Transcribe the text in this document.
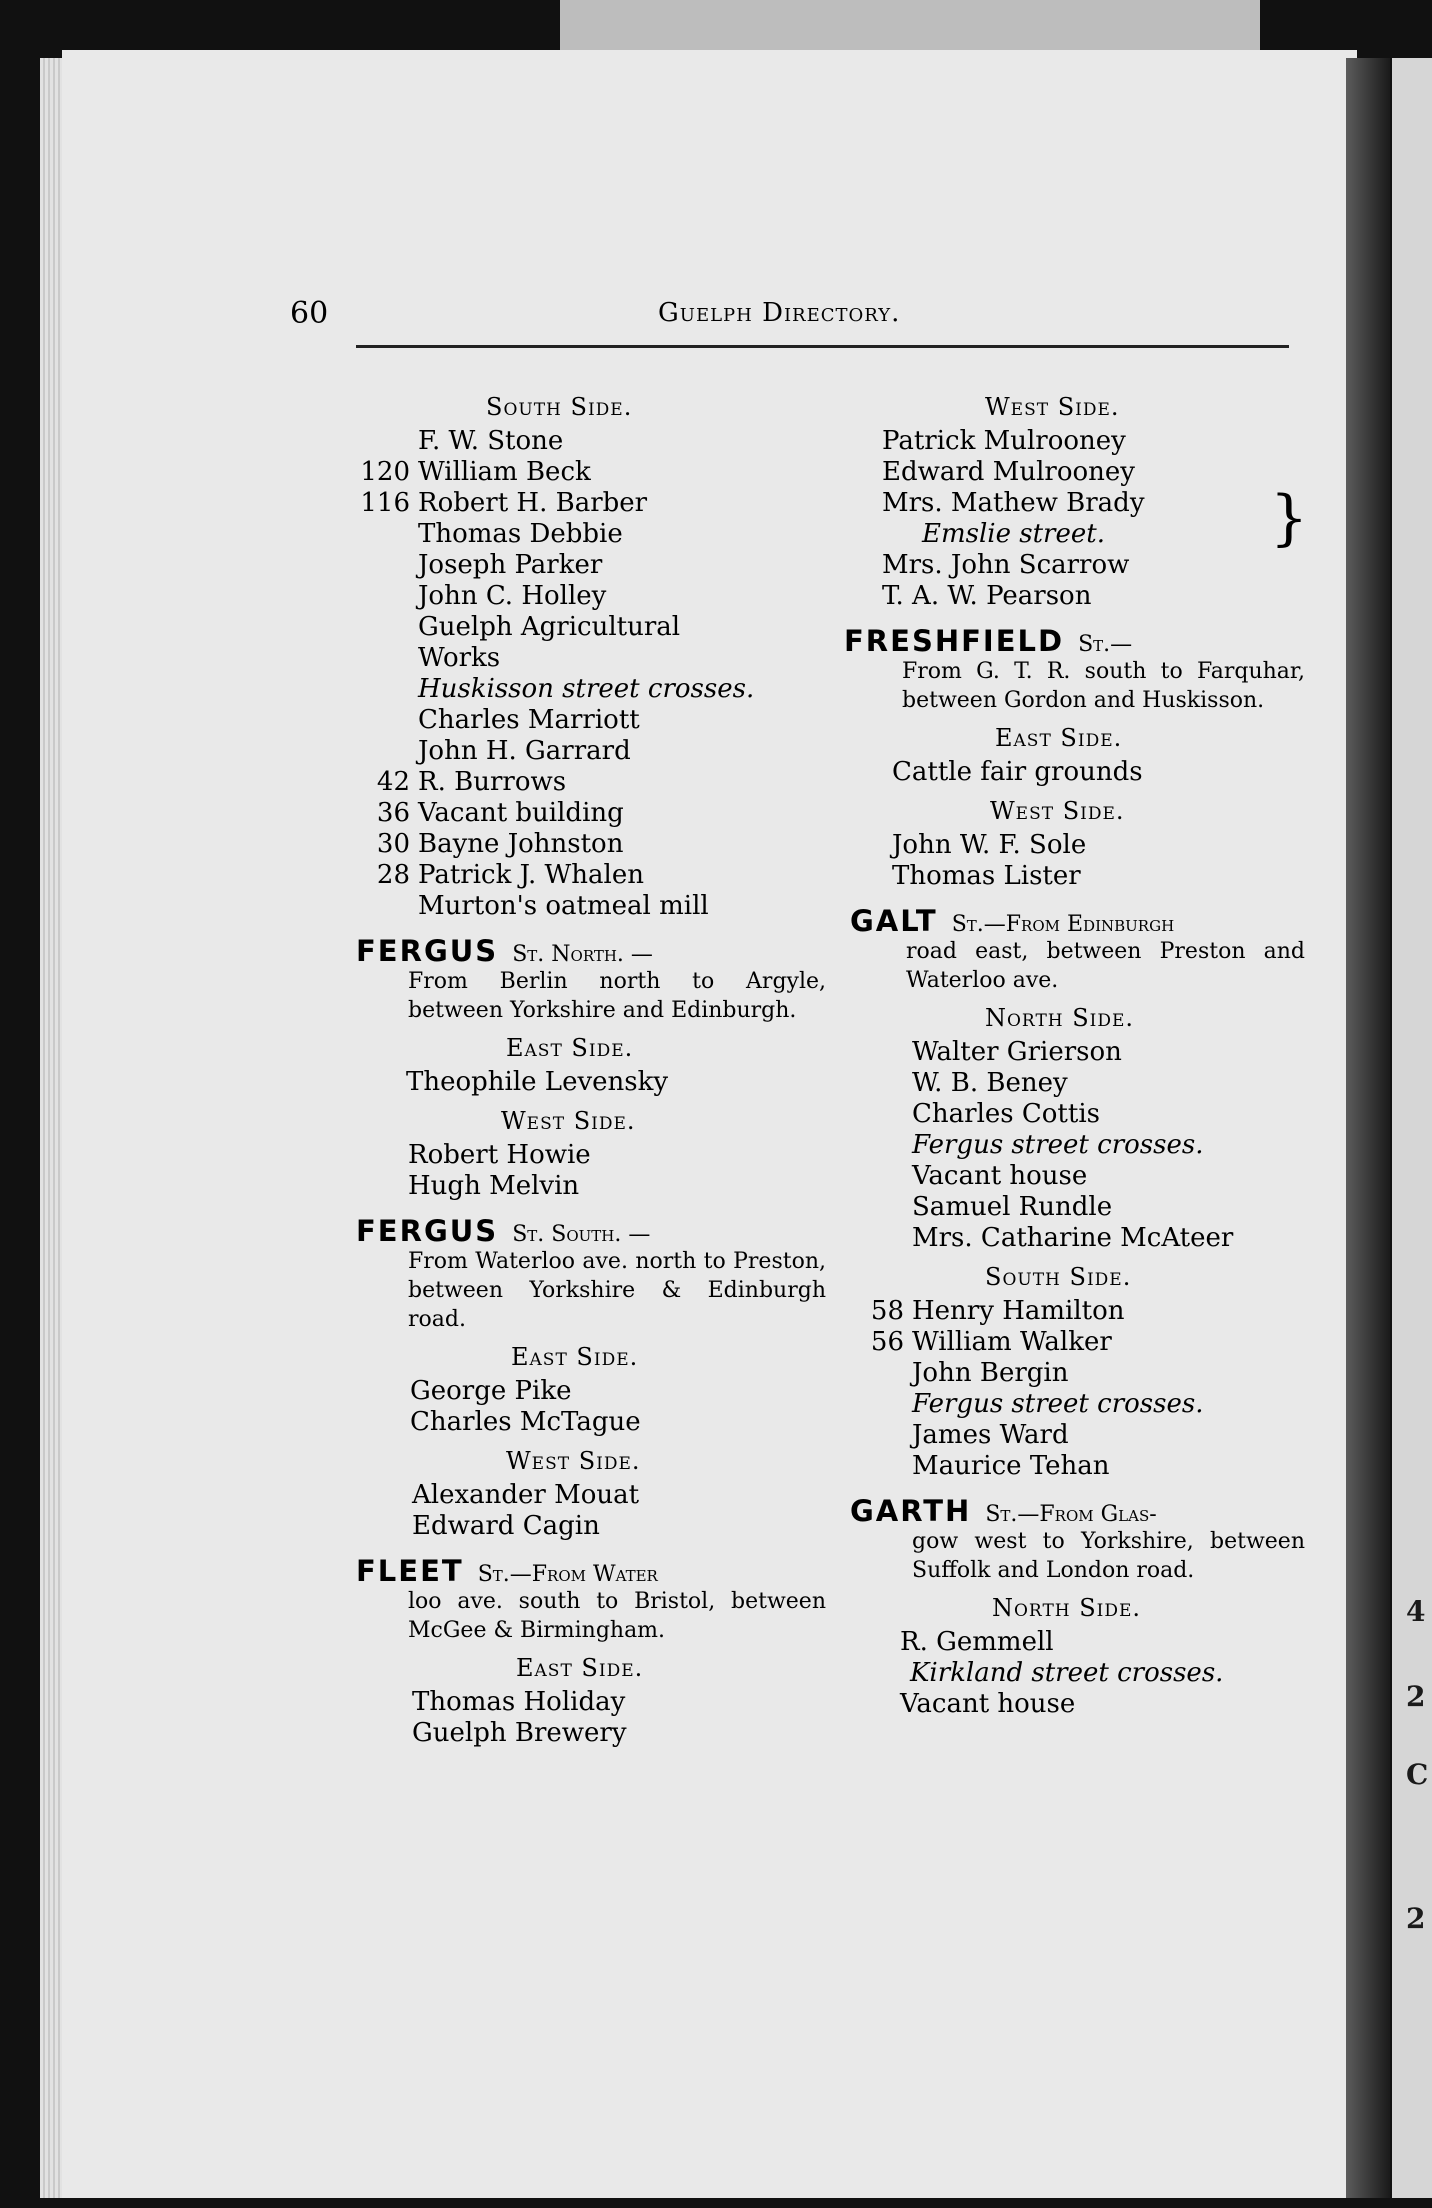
4
2
C
2
60	Guelph Directory.
South Side.
F. W. Stone
120 William Beck
116 Robert H. Barber
Thomas Debbie
Joseph Parker
John C. Holley
Guelph Agricultural
Works
Huskisson street crosses.
Charles Marriott
John H. Garrard
42 R. Burrows
36 Vacant building
30 Bayne Johnston
28 Patrick J. Whalen
Murton's oatmeal mill
FERGUS St. North. —
From Berlin north to Argyle, between Yorkshire and Edinburgh.
East Side.
Theophile Levensky
West Side.
Robert Howie
Hugh Melvin
FERGUS St. South. —
From Waterloo ave. north to Preston, between Yorkshire & Edinburgh road.
East Side.
George Pike
Charles McTague
West Side.
Alexander Mouat
Edward Cagin
FLEET St.—From Water
loo ave. south to Bristol, between McGee & Birmingham.
East Side.
Thomas Holiday
Guelph Brewery
West Side.
}
Patrick Mulrooney
Edward Mulrooney
Mrs. Mathew Brady
Emslie street.
Mrs. John Scarrow
T. A. W. Pearson
FRESHFIELD St.—
From G. T. R. south to Farquhar, between Gordon and Huskisson.
East Side.
Cattle fair grounds
West Side.
John W. F. Sole
Thomas Lister
GALT St.—From Edinburgh
road east, between Preston and Waterloo ave.
North Side.
Walter Grierson
W. B. Beney
Charles Cottis
Fergus street crosses.
Vacant house
Samuel Rundle
Mrs. Catharine McAteer
South Side.
58 Henry Hamilton
56 William Walker
John Bergin
Fergus street crosses.
James Ward
Maurice Tehan
GARTH St.—From Glas-
gow west to Yorkshire, between Suffolk and London road.
North Side.
R. Gemmell
Kirkland street crosses.
Vacant house
